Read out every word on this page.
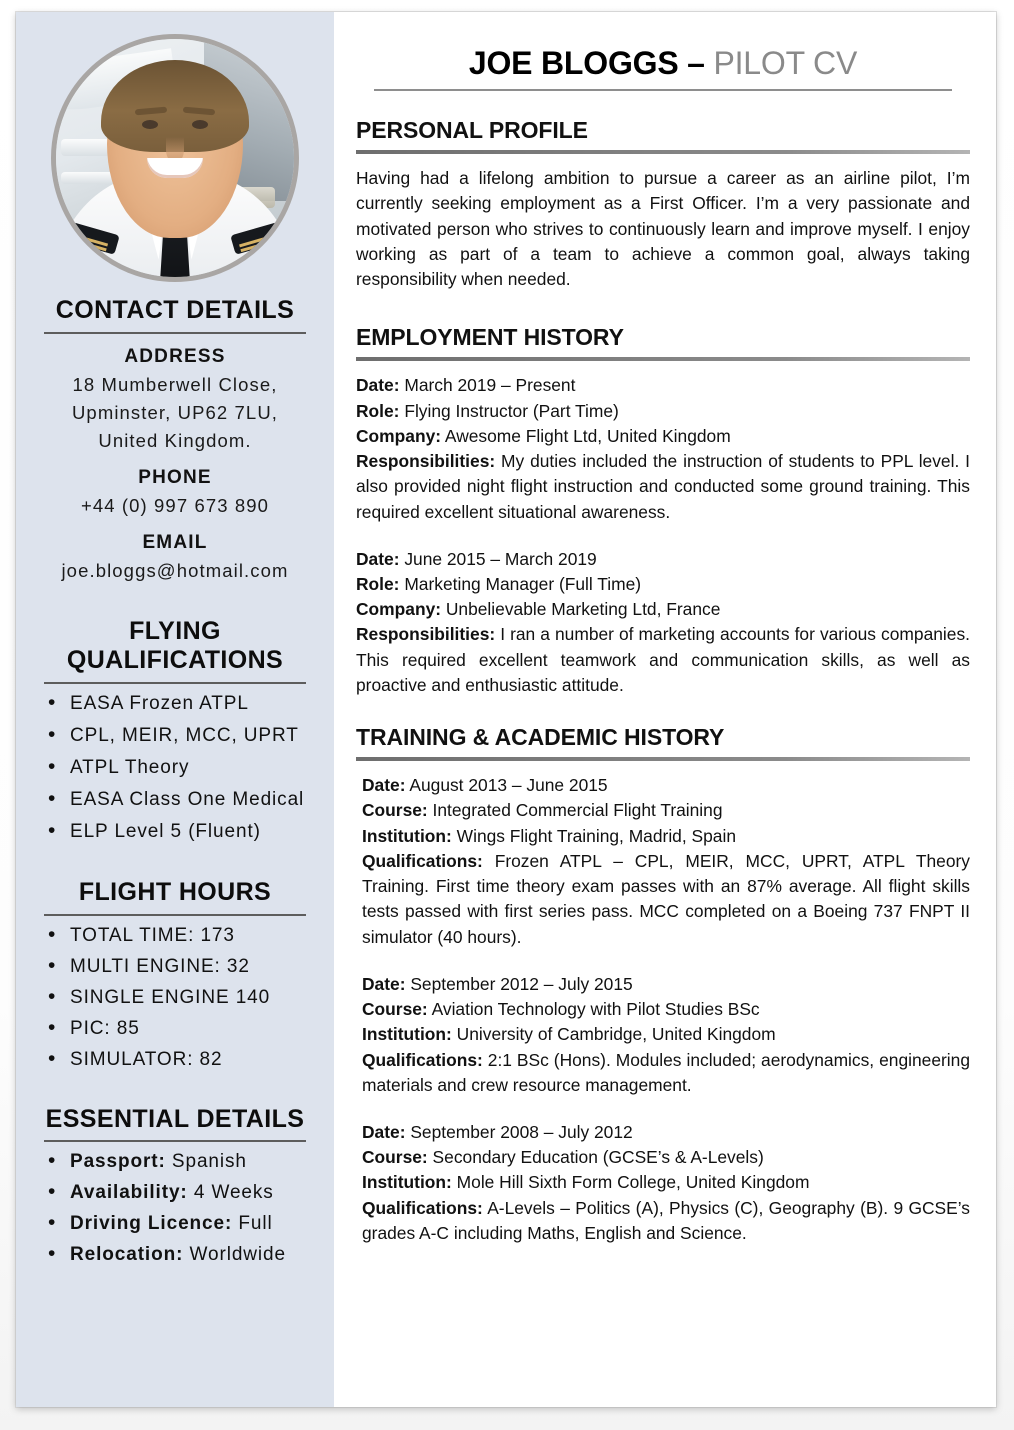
CONTACT DETAILS
ADDRESS
18 Mumberwell Close,
Upminster, UP62 7LU,
United Kingdom.
PHONE
+44 (0) 997 673 890
EMAIL
joe.bloggs@hotmail.com
FLYING QUALIFICATIONS
• EASA Frozen ATPL
• CPL, MEIR, MCC, UPRT
• ATPL Theory
• EASA Class One Medical
• ELP Level 5 (Fluent)
FLIGHT HOURS
• TOTAL TIME: 173
• MULTI ENGINE: 32
• SINGLE ENGINE 140
• PIC: 85
• SIMULATOR: 82
ESSENTIAL DETAILS
• Passport: Spanish
• Availability: 4 Weeks
• Driving Licence: Full
• Relocation: Worldwide
JOE BLOGGS – PILOT CV
PERSONAL PROFILE

Having had a lifelong ambition to pursue a career as an airline pilot, I’m currently seeking employment as a First Officer. I’m a very passionate and motivated person who strives to continuously learn and improve myself. I enjoy working as part of a team to achieve a common goal, always taking responsibility when needed.

EMPLOYMENT HISTORY

Date: March 2019 – Present

Role: Flying Instructor (Part Time)

Company: Awesome Flight Ltd, United Kingdom

Responsibilities: My duties included the instruction of students to PPL level. I also provided night flight instruction and conducted some ground training. This required excellent situational awareness.

Date: June 2015 – March 2019

Role: Marketing Manager (Full Time)

Company: Unbelievable Marketing Ltd, France

Responsibilities: I ran a number of marketing accounts for various companies. This required excellent teamwork and communication skills, as well as proactive and enthusiastic attitude.

TRAINING & ACADEMIC HISTORY

Date: August 2013 – June 2015

Course: Integrated Commercial Flight Training

Institution: Wings Flight Training, Madrid, Spain

Qualifications: Frozen ATPL – CPL, MEIR, MCC, UPRT, ATPL Theory Training. First time theory exam passes with an 87% average. All flight skills tests passed with first series pass. MCC completed on a Boeing 737 FNPT II simulator (40 hours).

Date: September 2012 – July 2015

Course: Aviation Technology with Pilot Studies BSc

Institution: University of Cambridge, United Kingdom

Qualifications: 2:1 BSc (Hons). Modules included; aerodynamics, engineering materials and crew resource management.

Date: September 2008 – July 2012

Course: Secondary Education (GCSE’s & A-Levels)

Institution: Mole Hill Sixth Form College, United Kingdom

Qualifications: A-Levels – Politics (A), Physics (C), Geography (B). 9 GCSE’s grades A-C including Maths, English and Science.
